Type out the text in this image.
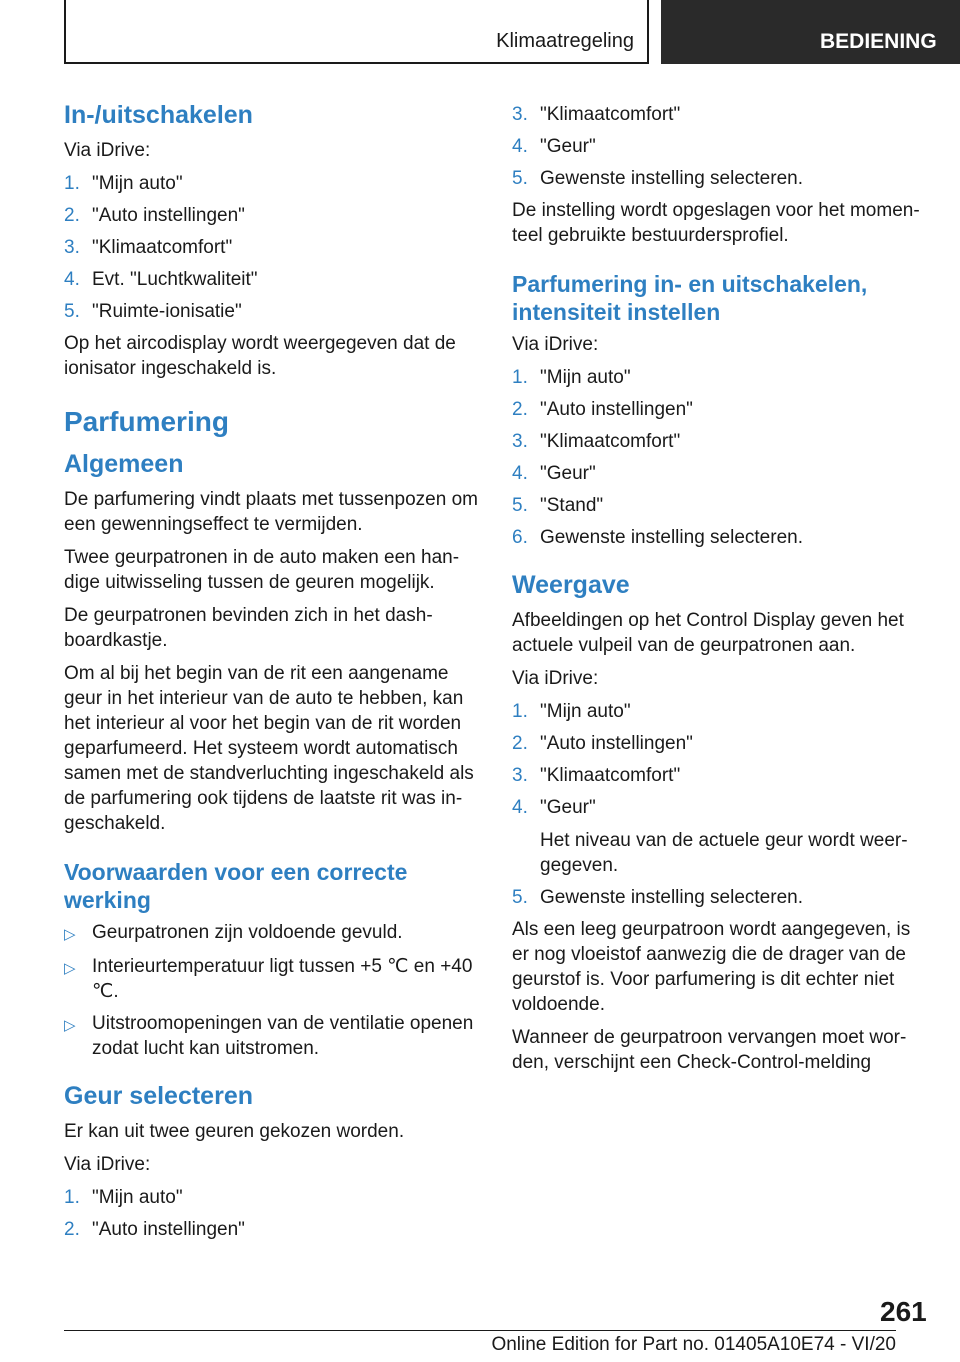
Klimaatregeling	BEDIENING
In-/uitschakelen
Via iDrive:
1. "Mijn auto"
2. "Auto instellingen"
3. "Klimaatcomfort"
4. Evt. "Luchtkwaliteit"
5. "Ruimte-ionisatie"
Op het aircodisplay wordt weergegeven dat de ionisator ingeschakeld is.
Parfumering
Algemeen
De parfumering vindt plaats met tussenpozen om een gewenningseffect te vermijden.
Twee geurpatronen in de auto maken een handige uitwisseling tussen de geuren mogelijk.
De geurpatronen bevinden zich in het dashboardkastje.
Om al bij het begin van de rit een aangename geur in het interieur van de auto te hebben, kan het interieur al voor het begin van de rit worden geparfumeerd. Het systeem wordt automatisch samen met de standverluchting ingeschakeld als de parfumering ook tijdens de laatste rit was ingeschakeld.
Voorwaarden voor een correcte werking
▷ Geurpatronen zijn voldoende gevuld.
▷ Interieurtemperatuur ligt tussen +5 ℃ en +40 ℃.
▷ Uitstroomopeningen van de ventilatie openen zodat lucht kan uitstromen.
Geur selecteren
Er kan uit twee geuren gekozen worden.
Via iDrive:
1. "Mijn auto"
2. "Auto instellingen"
3. "Klimaatcomfort"
4. "Geur"
5. Gewenste instelling selecteren.
De instelling wordt opgeslagen voor het momenteel gebruikte bestuurdersprofiel.
Parfumering in- en uitschakelen, intensiteit instellen
Via iDrive:
1. "Mijn auto"
2. "Auto instellingen"
3. "Klimaatcomfort"
4. "Geur"
5. "Stand"
6. Gewenste instelling selecteren.
Weergave
Afbeeldingen op het Control Display geven het actuele vulpeil van de geurpatronen aan.
Via iDrive:
1. "Mijn auto"
2. "Auto instellingen"
3. "Klimaatcomfort"
4. "Geur"
Het niveau van de actuele geur wordt weergegeven.
5. Gewenste instelling selecteren.
Als een leeg geurpatroon wordt aangegeven, is er nog vloeistof aanwezig die de drager van de geurstof is. Voor parfumering is dit echter niet voldoende.
Wanneer de geurpatroon vervangen moet worden, verschijnt een Check-Control-melding
261
Online Edition for Part no. 01405A10E74 - VI/20
